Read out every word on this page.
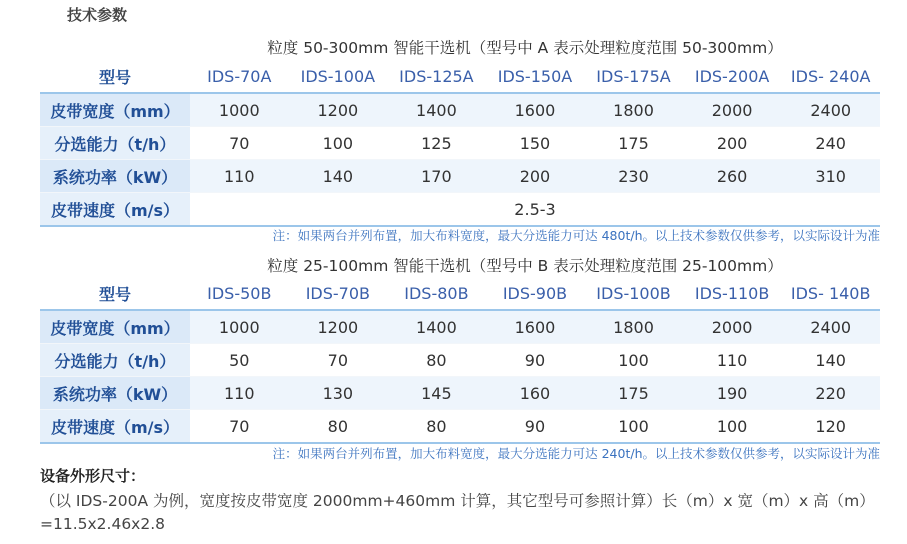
技术参数
粒度 50-300mm 智能干选机（型号中 A 表示处理粒度范围 50-300mm）
型号	IDS-70A	IDS-100A	IDS-125A	IDS-150A	IDS-175A	IDS-200A	IDS- 240A
皮带宽度（mm）	1000	1200	1400	1600	1800	2000	2400
分选能力（t/h）	70	100	125	150	175	200	240
系统功率（kW）	110	140	170	200	230	260	310
皮带速度（m/s）	2.5-3						
注：如果两台并列布置，加大布料宽度，最大分选能力可达 480t/h。以上技术参数仅供参考，以实际设计为准
粒度 25-100mm 智能干选机（型号中 B 表示处理粒度范围 25-100mm）
型号	IDS-50B	IDS-70B	IDS-80B	IDS-90B	IDS-100B	IDS-110B	IDS- 140B
皮带宽度（mm）	1000	1200	1400	1600	1800	2000	2400
分选能力（t/h）	50	70	80	90	100	110	140
系统功率（kW）	110	130	145	160	175	190	220
皮带速度（m/s）	70	80	80	90	100	100	120
注：如果两台并列布置，加大布料宽度，最大分选能力可达 240t/h。以上技术参数仅供参考，以实际设计为准
设备外形尺寸：
（以 IDS-200A 为例，宽度按皮带宽度 2000mm+460mm 计算，其它型号可参照计算）长（m）x 宽（m）x 高（m）=11.5x2.46x2.8
